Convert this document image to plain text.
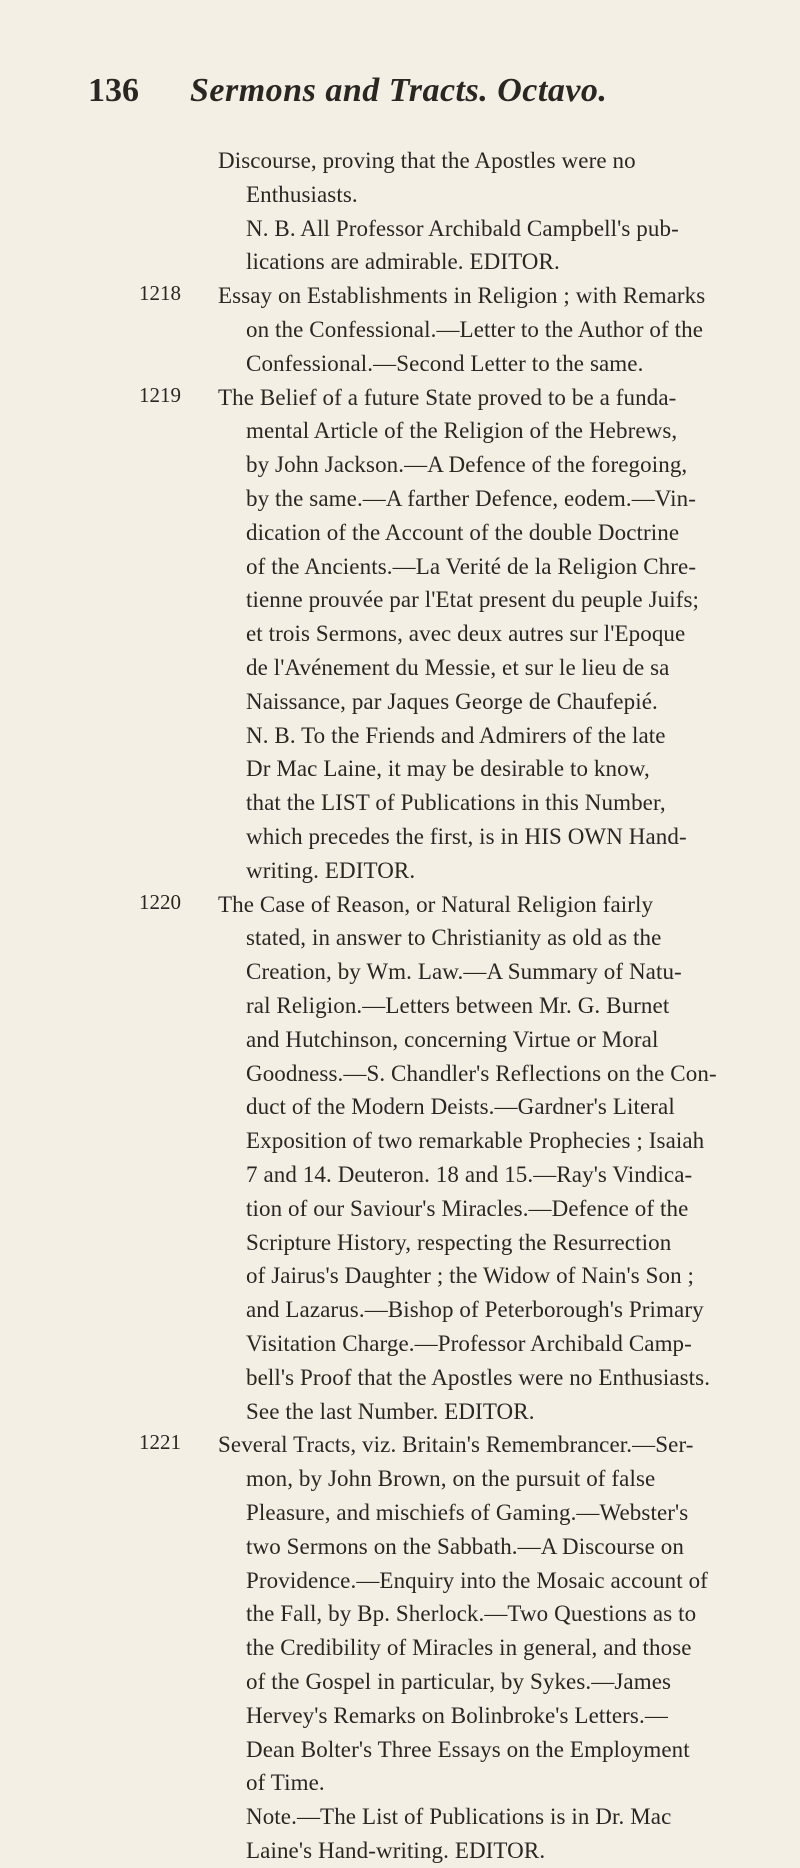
136 Sermons and Tracts. Octavo.
Discourse, proving that the Apostles were no
Enthusiasts.
N. B. All Professor Archibald Campbell's pub-
lications are admirable. EDITOR.
1218 Essay on Establishments in Religion ; with Remarks
on the Confessional.—Letter to the Author of the
Confessional.—Second Letter to the same.
1219 The Belief of a future State proved to be a funda-
mental Article of the Religion of the Hebrews,
by John Jackson.—A Defence of the foregoing,
by the same.—A farther Defence, eodem.—Vin-
dication of the Account of the double Doctrine
of the Ancients.—La Verité de la Religion Chre-
tienne prouvée par l'Etat present du peuple Juifs;
et trois Sermons, avec deux autres sur l'Epoque
de l'Avénement du Messie, et sur le lieu de sa
Naissance, par Jaques George de Chaufepié.
N. B. To the Friends and Admirers of the late
Dr Mac Laine, it may be desirable to know,
that the LIST of Publications in this Number,
which precedes the first, is in HIS OWN Hand-
writing. EDITOR.
1220 The Case of Reason, or Natural Religion fairly
stated, in answer to Christianity as old as the
Creation, by Wm. Law.—A Summary of Natu-
ral Religion.—Letters between Mr. G. Burnet
and Hutchinson, concerning Virtue or Moral
Goodness.—S. Chandler's Reflections on the Con-
duct of the Modern Deists.—Gardner's Literal
Exposition of two remarkable Prophecies ; Isaiah
7 and 14. Deuteron. 18 and 15.—Ray's Vindica-
tion of our Saviour's Miracles.—Defence of the
Scripture History, respecting the Resurrection
of Jairus's Daughter ; the Widow of Nain's Son ;
and Lazarus.—Bishop of Peterborough's Primary
Visitation Charge.—Professor Archibald Camp-
bell's Proof that the Apostles were no Enthusiasts.
See the last Number. EDITOR.
1221 Several Tracts, viz. Britain's Remembrancer.—Ser-
mon, by John Brown, on the pursuit of false
Pleasure, and mischiefs of Gaming.—Webster's
two Sermons on the Sabbath.—A Discourse on
Providence.—Enquiry into the Mosaic account of
the Fall, by Bp. Sherlock.—Two Questions as to
the Credibility of Miracles in general, and those
of the Gospel in particular, by Sykes.—James
Hervey's Remarks on Bolinbroke's Letters.—
Dean Bolter's Three Essays on the Employment
of Time.
Note.—The List of Publications is in Dr. Mac
Laine's Hand-writing. EDITOR.
